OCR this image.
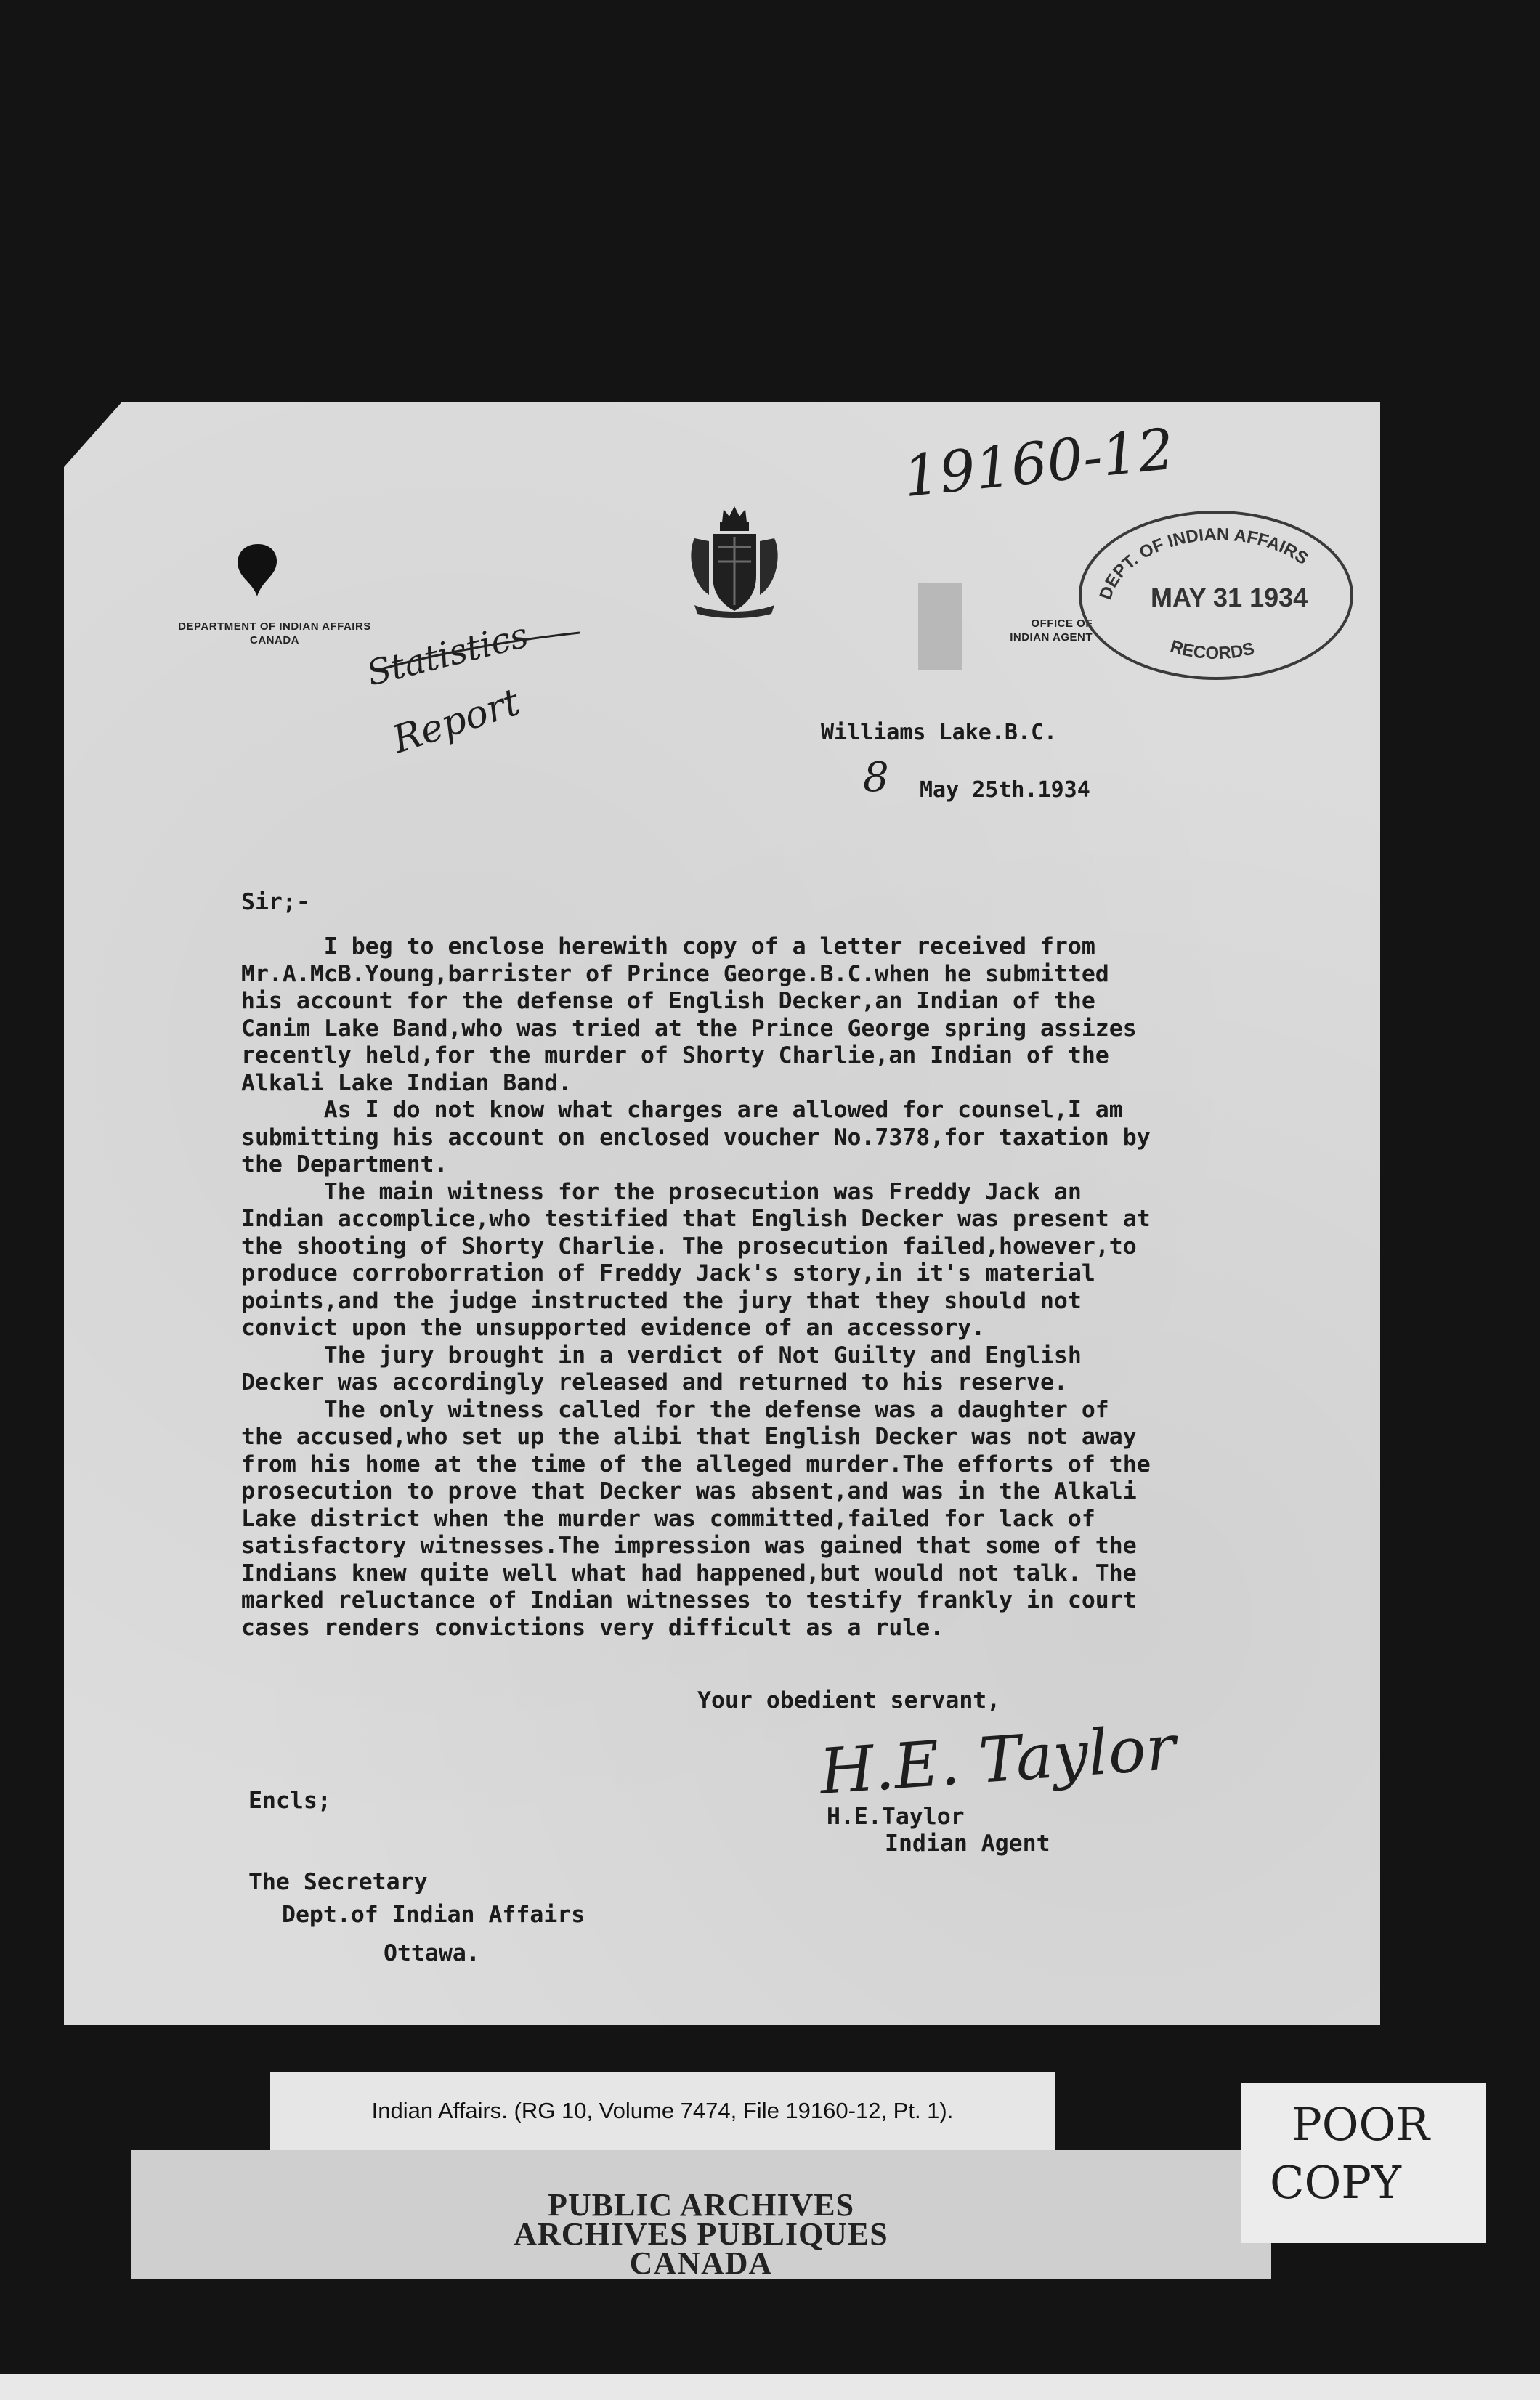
DEPARTMENT OF INDIAN AFFAIRS
CANADA
OFFICE OF
INDIAN AGENT
19160-12
Statistics
Report	Williams Lake.B.C.
8 May 25th.1934
Sir;-
I beg to enclose herewith copy of a letter received from
Mr.A.McB.Young,barrister of Prince George.B.C.when he submitted
his account for the defense of English Decker,an Indian of the
Canim Lake Band,who was tried at the Prince George spring assizes
recently held,for the murder of Shorty Charlie,an Indian of the
Alkali Lake Indian Band.
As I do not know what charges are allowed for counsel,I am
submitting his account on enclosed voucher No.7378,for taxation by
the Department.
The main witness for the prosecution was Freddy Jack an
Indian accomplice,who testified that English Decker was present at
the shooting of Shorty Charlie. The prosecution failed,however,to
produce corroborration of Freddy Jack's story,in it's material
points,and the judge instructed the jury that they should not
convict upon the unsupported evidence of an accessory.
The jury brought in a verdict of Not Guilty and English
Decker was accordingly released and returned to his reserve.
The only witness called for the defense was a daughter of
the accused,who set up the alibi that English Decker was not away
from his home at the time of the alleged murder.The efforts of the
prosecution to prove that Decker was absent,and was in the Alkali
Lake district when the murder was committed,failed for lack of
satisfactory witnesses.The impression was gained that some of the
Indians knew quite well what had happened,but would not talk. The
marked reluctance of Indian witnesses to testify frankly in court
cases renders convictions very difficult as a rule.
Your obedient servant,
H.E. Taylor
H.E.Taylor
Indian Agent
Encls;
The Secretary
Dept.of Indian Affairs
Ottawa.
DEPT. OF INDIAN AFFAIRS
RECORDS
MAY 31 1934
Indian Affairs. (RG 10, Volume 7474, File 19160-12, Pt. 1).
PUBLIC ARCHIVES
ARCHIVES PUBLIQUES
CANADA
POOR
COPY
